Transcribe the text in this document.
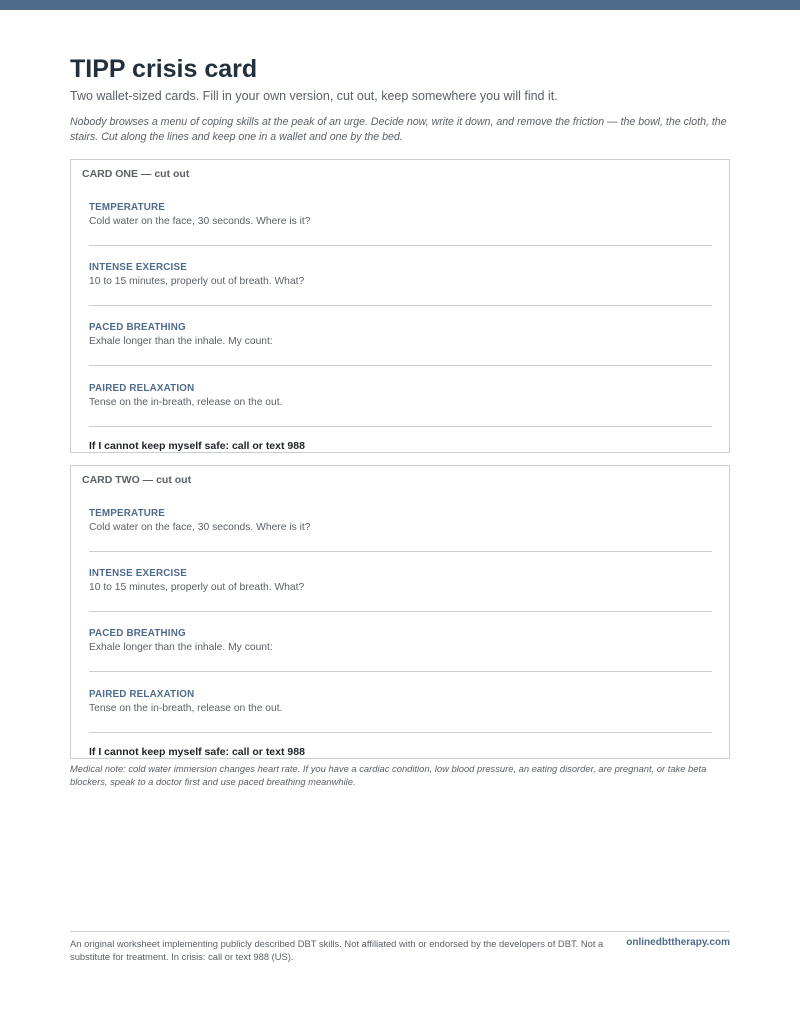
TIPP crisis card

Two wallet-sized cards. Fill in your own version, cut out, keep somewhere you will find it.

Nobody browses a menu of coping skills at the peak of an urge. Decide now, write it down, and remove the friction — the bowl, the cloth, the stairs. Cut along the lines and keep one in a wallet and one by the bed.

CARD ONE — cut out
TEMPERATURE
Cold water on the face, 30 seconds. Where is it?
INTENSE EXERCISE
10 to 15 minutes, properly out of breath. What?
PACED BREATHING
Exhale longer than the inhale. My count:
PAIRED RELAXATION
Tense on the in-breath, release on the out.
If I cannot keep myself safe: call or text 988
CARD TWO — cut out
TEMPERATURE
Cold water on the face, 30 seconds. Where is it?
INTENSE EXERCISE
10 to 15 minutes, properly out of breath. What?
PACED BREATHING
Exhale longer than the inhale. My count:
PAIRED RELAXATION
Tense on the in-breath, release on the out.
If I cannot keep myself safe: call or text 988

Medical note: cold water immersion changes heart rate. If you have a cardiac condition, low blood pressure, an eating disorder, are pregnant, or take beta blockers, speak to a doctor first and use paced breathing meanwhile.

An original worksheet implementing publicly described DBT skills. Not affiliated with or endorsed by the developers of DBT. Not a substitute for treatment. In crisis: call or text 988 (US).

onlinedbttherapy.com
